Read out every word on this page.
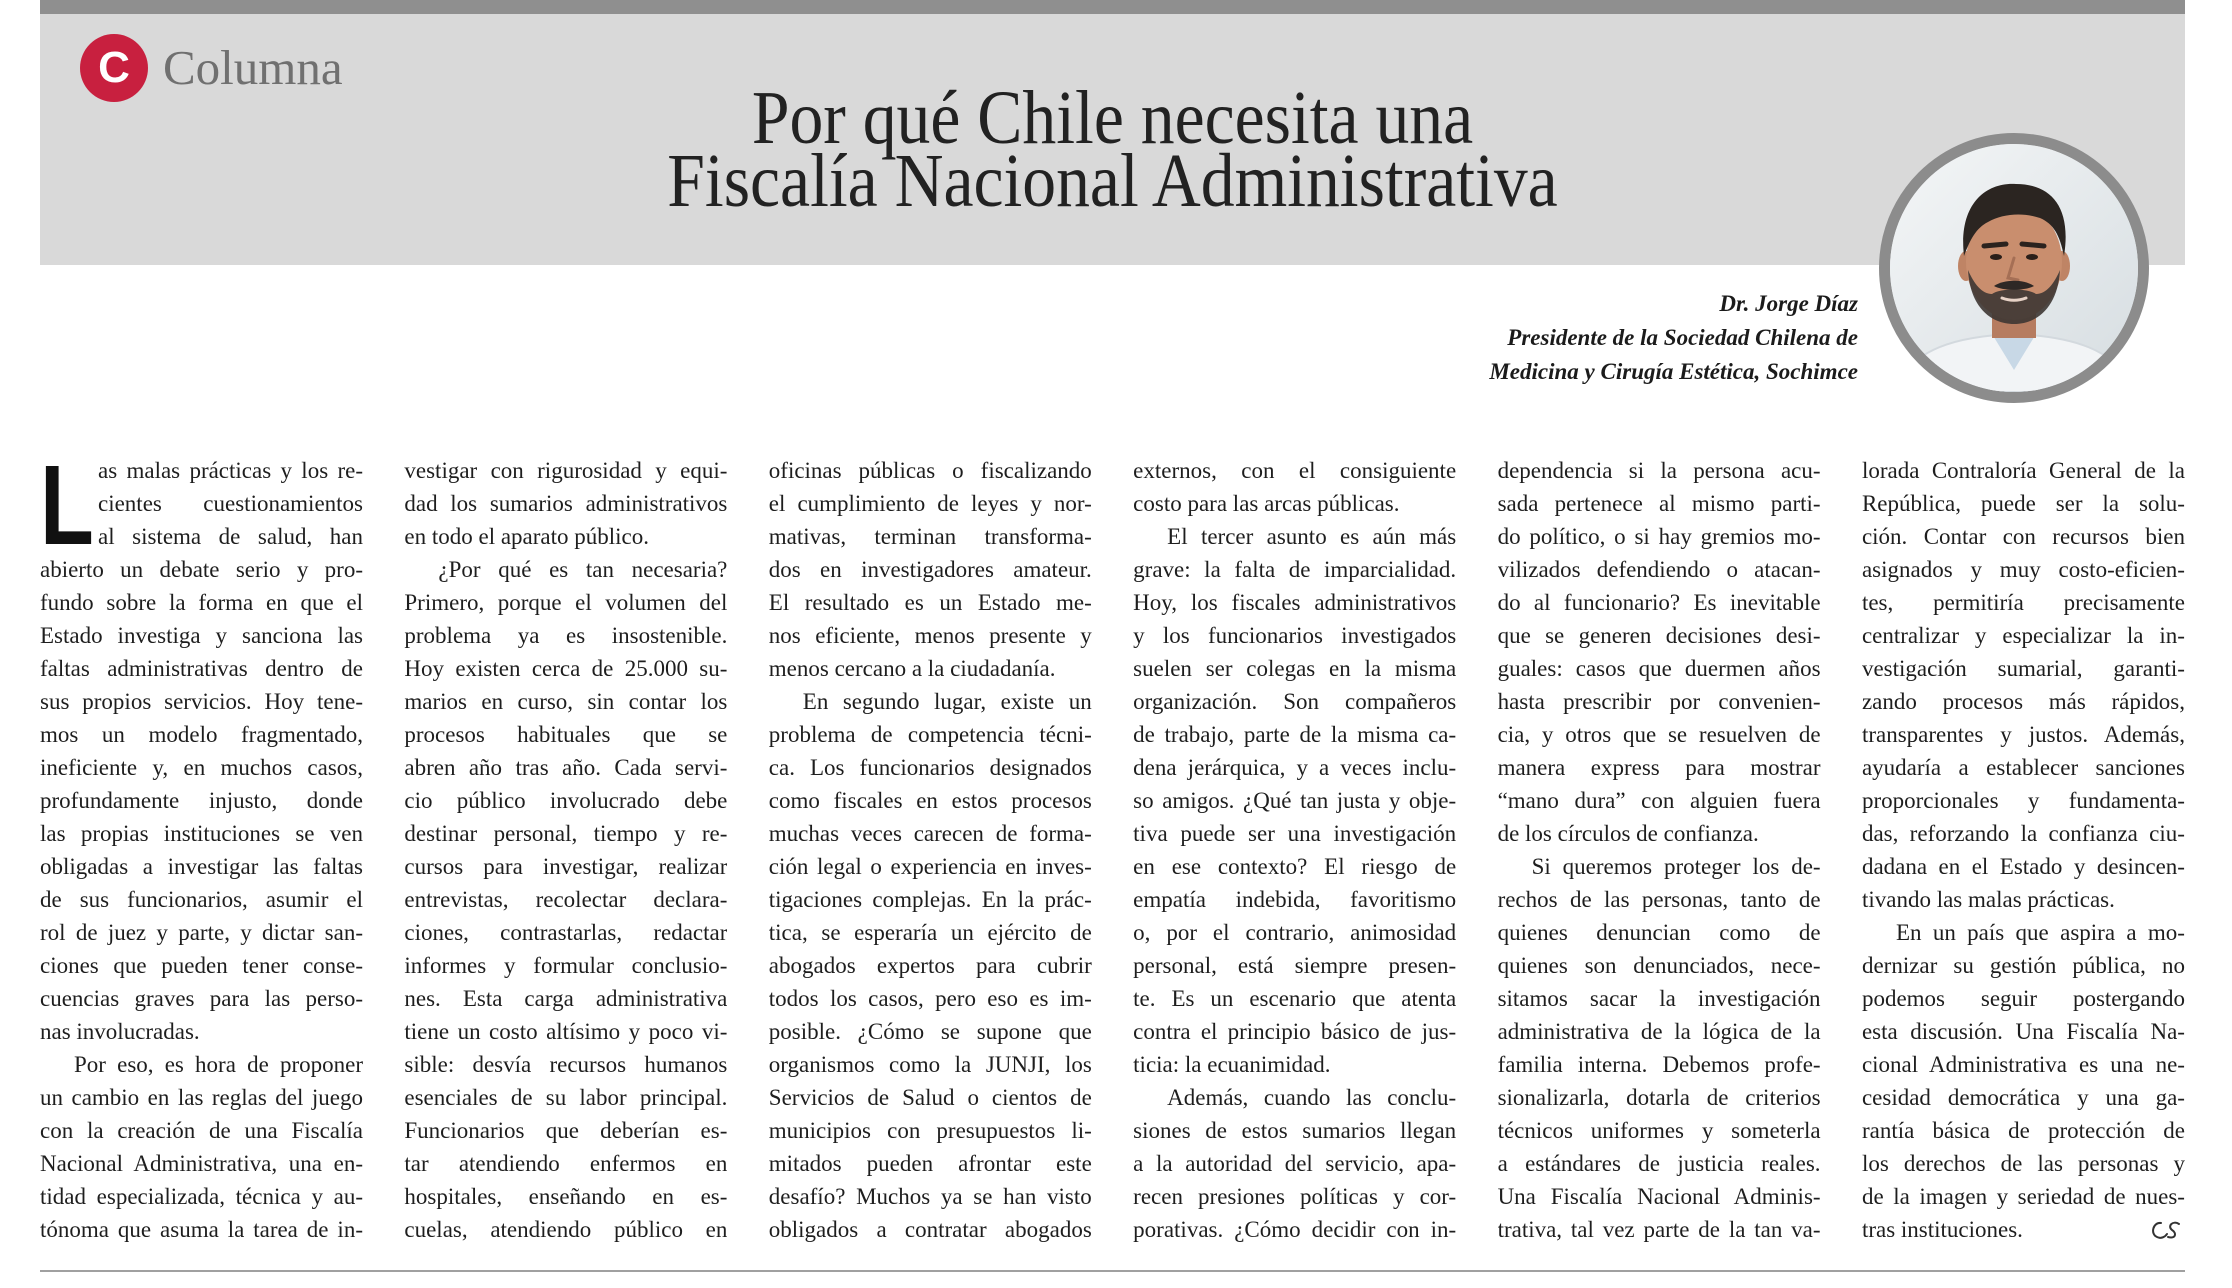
C Columna
Por qué Chile necesita una
Fiscalía Nacional Administrativa
Dr. Jorge Díaz
Presidente de la Sociedad Chilena de
Medicina y Cirugía Estética, Sochimce
as malas prácticas y los re-
cientes cuestionamientos
al sistema de salud, han
abierto un debate serio y pro-
fundo sobre la forma en que el
Estado investiga y sanciona las
faltas administrativas dentro de
sus propios servicios. Hoy tene-
mos un modelo fragmentado,
ineficiente y, en muchos casos,
profundamente injusto, donde
las propias instituciones se ven
obligadas a investigar las faltas
de sus funcionarios, asumir el
rol de juez y parte, y dictar san-
ciones que pueden tener conse-
cuencias graves para las perso-
nas involucradas.
Por eso, es hora de proponer
un cambio en las reglas del juego
con la creación de una Fiscalía
Nacional Administrativa, una en-
tidad especializada, técnica y au-
tónoma que asuma la tarea de in-
vestigar con rigurosidad y equi-
dad los sumarios administrativos
en todo el aparato público.
¿Por qué es tan necesaria?
Primero, porque el volumen del
problema ya es insostenible.
Hoy existen cerca de 25.000 su-
marios en curso, sin contar los
procesos habituales que se
abren año tras año. Cada servi-
cio público involucrado debe
destinar personal, tiempo y re-
cursos para investigar, realizar
entrevistas, recolectar declara-
ciones, contrastarlas, redactar
informes y formular conclusio-
nes. Esta carga administrativa
tiene un costo altísimo y poco vi-
sible: desvía recursos humanos
esenciales de su labor principal.
Funcionarios que deberían es-
tar atendiendo enfermos en
hospitales, enseñando en es-
cuelas, atendiendo público en
oficinas públicas o fiscalizando
el cumplimiento de leyes y nor-
mativas, terminan transforma-
dos en investigadores amateur.
El resultado es un Estado me-
nos eficiente, menos presente y
menos cercano a la ciudadanía.
En segundo lugar, existe un
problema de competencia técni-
ca. Los funcionarios designados
como fiscales en estos procesos
muchas veces carecen de forma-
ción legal o experiencia en inves-
tigaciones complejas. En la prác-
tica, se esperaría un ejército de
abogados expertos para cubrir
todos los casos, pero eso es im-
posible. ¿Cómo se supone que
organismos como la JUNJI, los
Servicios de Salud o cientos de
municipios con presupuestos li-
mitados pueden afrontar este
desafío? Muchos ya se han visto
obligados a contratar abogados
externos, con el consiguiente
costo para las arcas públicas.
El tercer asunto es aún más
grave: la falta de imparcialidad.
Hoy, los fiscales administrativos
y los funcionarios investigados
suelen ser colegas en la misma
organización. Son compañeros
de trabajo, parte de la misma ca-
dena jerárquica, y a veces inclu-
so amigos. ¿Qué tan justa y obje-
tiva puede ser una investigación
en ese contexto? El riesgo de
empatía indebida, favoritismo
o, por el contrario, animosidad
personal, está siempre presen-
te. Es un escenario que atenta
contra el principio básico de jus-
ticia: la ecuanimidad.
Además, cuando las conclu-
siones de estos sumarios llegan
a la autoridad del servicio, apa-
recen presiones políticas y cor-
porativas. ¿Cómo decidir con in-
dependencia si la persona acu-
sada pertenece al mismo parti-
do político, o si hay gremios mo-
vilizados defendiendo o atacan-
do al funcionario? Es inevitable
que se generen decisiones desi-
guales: casos que duermen años
hasta prescribir por convenien-
cia, y otros que se resuelven de
manera express para mostrar
“mano dura” con alguien fuera
de los círculos de confianza.
Si queremos proteger los de-
rechos de las personas, tanto de
quienes denuncian como de
quienes son denunciados, nece-
sitamos sacar la investigación
administrativa de la lógica de la
familia interna. Debemos profe-
sionalizarla, dotarla de criterios
técnicos uniformes y someterla
a estándares de justicia reales.
Una Fiscalía Nacional Adminis-
trativa, tal vez parte de la tan va-
lorada Contraloría General de la
República, puede ser la solu-
ción. Contar con recursos bien
asignados y muy costo-eficien-
tes, permitiría precisamente
centralizar y especializar la in-
vestigación sumarial, garanti-
zando procesos más rápidos,
transparentes y justos. Además,
ayudaría a establecer sanciones
proporcionales y fundamenta-
das, reforzando la confianza ciu-
dadana en el Estado y desincen-
tivando las malas prácticas.
En un país que aspira a mo-
dernizar su gestión pública, no
podemos seguir postergando
esta discusión. Una Fiscalía Na-
cional Administrativa es una ne-
cesidad democrática y una ga-
rantía básica de protección de
los derechos de las personas y
de la imagen y seriedad de nues-
tras instituciones.
L
